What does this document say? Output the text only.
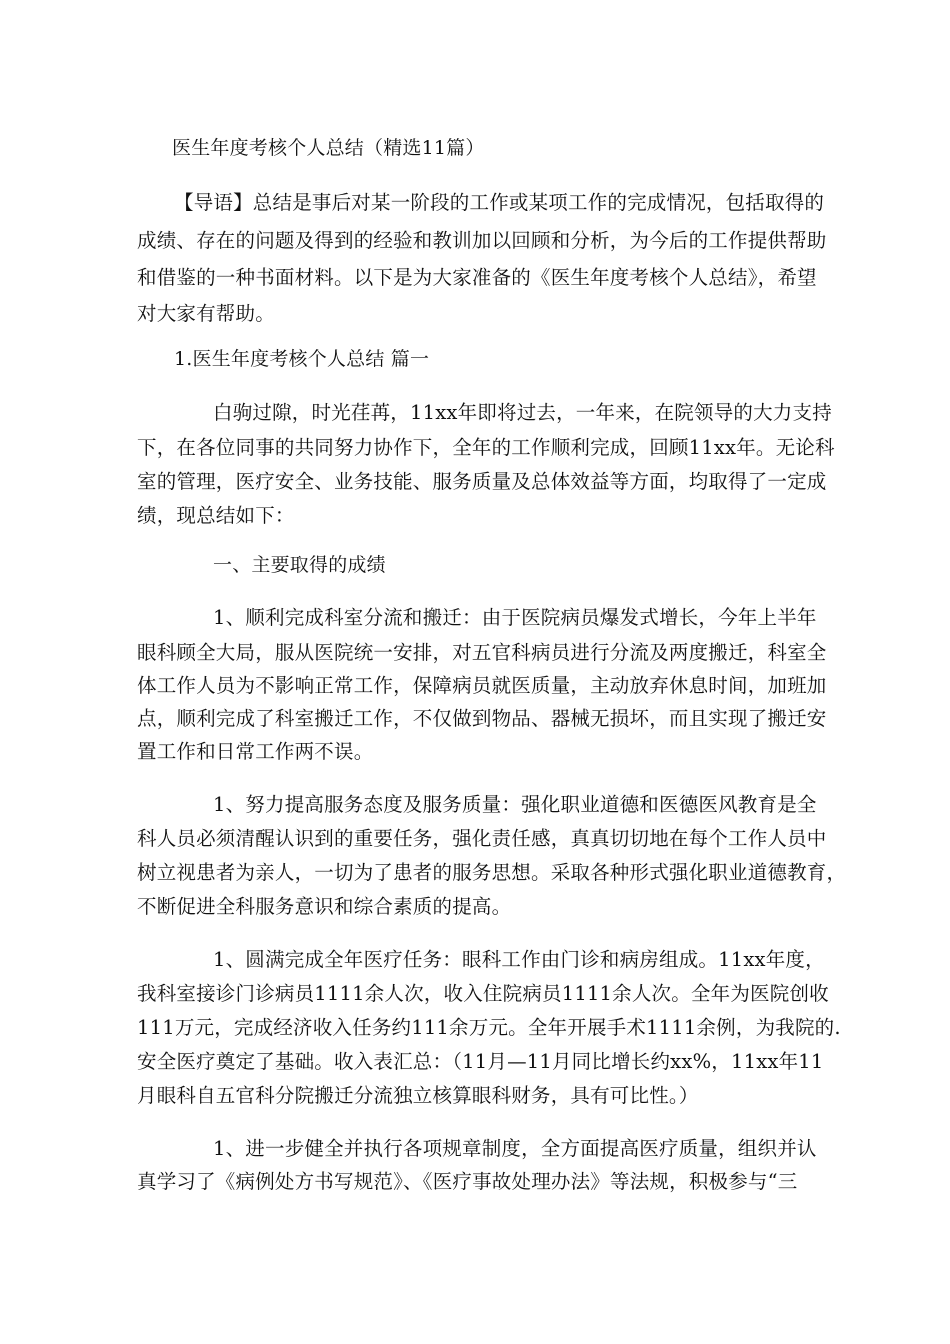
医生年度考核个人总结（精选11篇）
【导语】总结是事后对某一阶段的工作或某项工作的完成情况，包括取得的
成绩、存在的问题及得到的经验和教训加以回顾和分析，为今后的工作提供帮助
和借鉴的一种书面材料。以下是为大家准备的《医生年度考核个人总结》，希望
对大家有帮助。
1.医生年度考核个人总结 篇一
白驹过隙，时光荏苒，11xx年即将过去，一年来，在院领导的大力支持
下，在各位同事的共同努力协作下，全年的工作顺利完成，回顾11xx年。无论科
室的管理，医疗安全、业务技能、服务质量及总体效益等方面，均取得了一定成
绩，现总结如下：
一、主要取得的成绩
1、顺利完成科室分流和搬迁：由于医院病员爆发式增长，今年上半年
眼科顾全大局，服从医院统一安排，对五官科病员进行分流及两度搬迁，科室全
体工作人员为不影响正常工作，保障病员就医质量，主动放弃休息时间，加班加
点，顺利完成了科室搬迁工作，不仅做到物品、器械无损坏，而且实现了搬迁安
置工作和日常工作两不误。
1、努力提高服务态度及服务质量：强化职业道德和医德医风教育是全
科人员必须清醒认识到的重要任务，强化责任感，真真切切地在每个工作人员中
树立视患者为亲人，一切为了患者的服务思想。采取各种形式强化职业道德教育，
不断促进全科服务意识和综合素质的提高。
1、圆满完成全年医疗任务：眼科工作由门诊和病房组成。11xx年度，
我科室接诊门诊病员1111余人次，收入住院病员1111余人次。全年为医院创收
111万元，完成经济收入任务约111余万元。全年开展手术1111余例，为我院的.
安全医疗奠定了基础。收入表汇总：（11月—11月同比增长约xx%，11xx年11
月眼科自五官科分院搬迁分流独立核算眼科财务，具有可比性。）
1、进一步健全并执行各项规章制度，全方面提高医疗质量，组织并认
真学习了《病例处方书写规范》、《医疗事故处理办法》等法规，积极参与“三
